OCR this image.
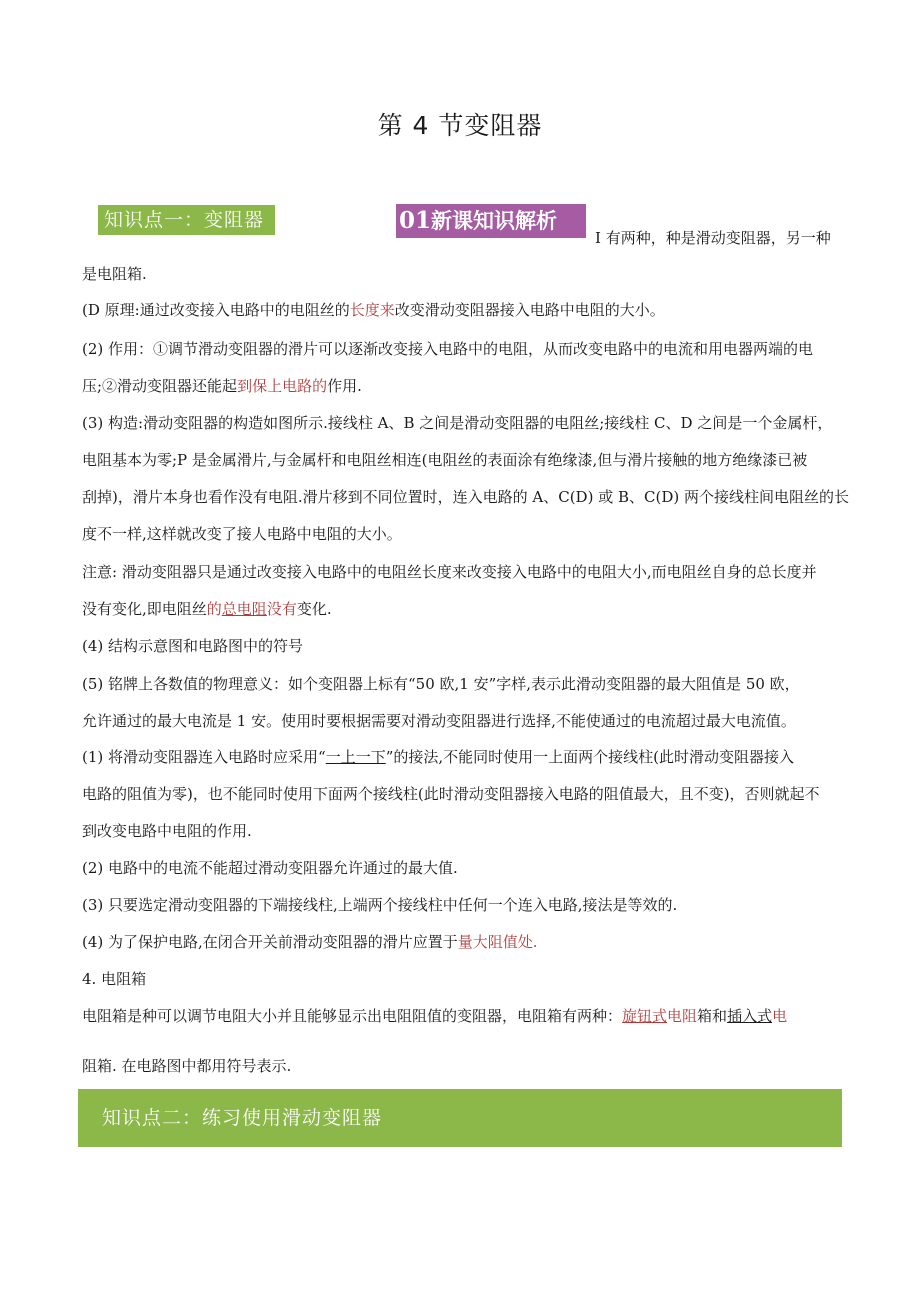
第 4 节变阻器
知识点一：变阻器	01新课知识解析
I 有两种，种是滑动变阻器，另一种
是电阻箱.
(D 原理:通过改变接入电路中的电阻丝的长度来改变滑动变阻器接入电路中电阻的大小。
(2) 作用：①调节滑动变阻器的滑片可以逐渐改变接入电路中的电阻，从而改变电路中的电流和用电器两端的电
压;②滑动变阻器还能起到保上电路的作用.
(3) 构造:滑动变阻器的构造如图所示.接线柱 A、B 之间是滑动变阻器的电阻丝;接线柱 C、D 之间是一个金属杆，
电阻基本为零;P 是金属滑片,与金属杆和电阻丝相连(电阻丝的表面涂有绝缘漆,但与滑片接触的地方绝缘漆已被
刮掉)，滑片本身也看作没有电阻.滑片移到不同位置时，连入电路的 A、C(D) 或 B、C(D) 两个接线柱间电阻丝的长
度不一样,这样就改变了接人电路中电阻的大小。
注意: 滑动变阻器只是通过改变接入电路中的电阻丝长度来改变接入电路中的电阻大小,而电阻丝自身的总长度并
没有变化,即电阻丝的总电阻没有变化.
(4) 结构示意图和电路图中的符号
(5) 铭牌上各数值的物理意义：如个变阻器上标有“50 欧,1 安”字样,表示此滑动变阻器的最大阻值是 50 欧，
允许通过的最大电流是 1 安。使用时要根据需要对滑动变阻器进行选择,不能使通过的电流超过最大电流值。
(1) 将滑动变阻器连入电路时应采用“一上一下”的接法,不能同时使用一上面两个接线柱(此时滑动变阻器接入
电路的阻值为零)，也不能同时使用下面两个接线柱(此时滑动变阻器接入电路的阻值最大，且不变)，否则就起不
到改变电路中电阻的作用.
(2) 电路中的电流不能超过滑动变阻器允许通过的最大值.
(3) 只要选定滑动变阻器的下端接线柱,上端两个接线柱中任何一个连入电路,接法是等效的.
(4) 为了保护电路,在闭合开关前滑动变阻器的滑片应置于量大阻值处.
4. 电阻箱
电阻箱是种可以调节电阻大小并且能够显示出电阻阻值的变阻器，电阻箱有两种：旋钮式电阻箱和插入式电
阻箱. 在电路图中都用符号表示.
知识点二：练习使用滑动变阻器
